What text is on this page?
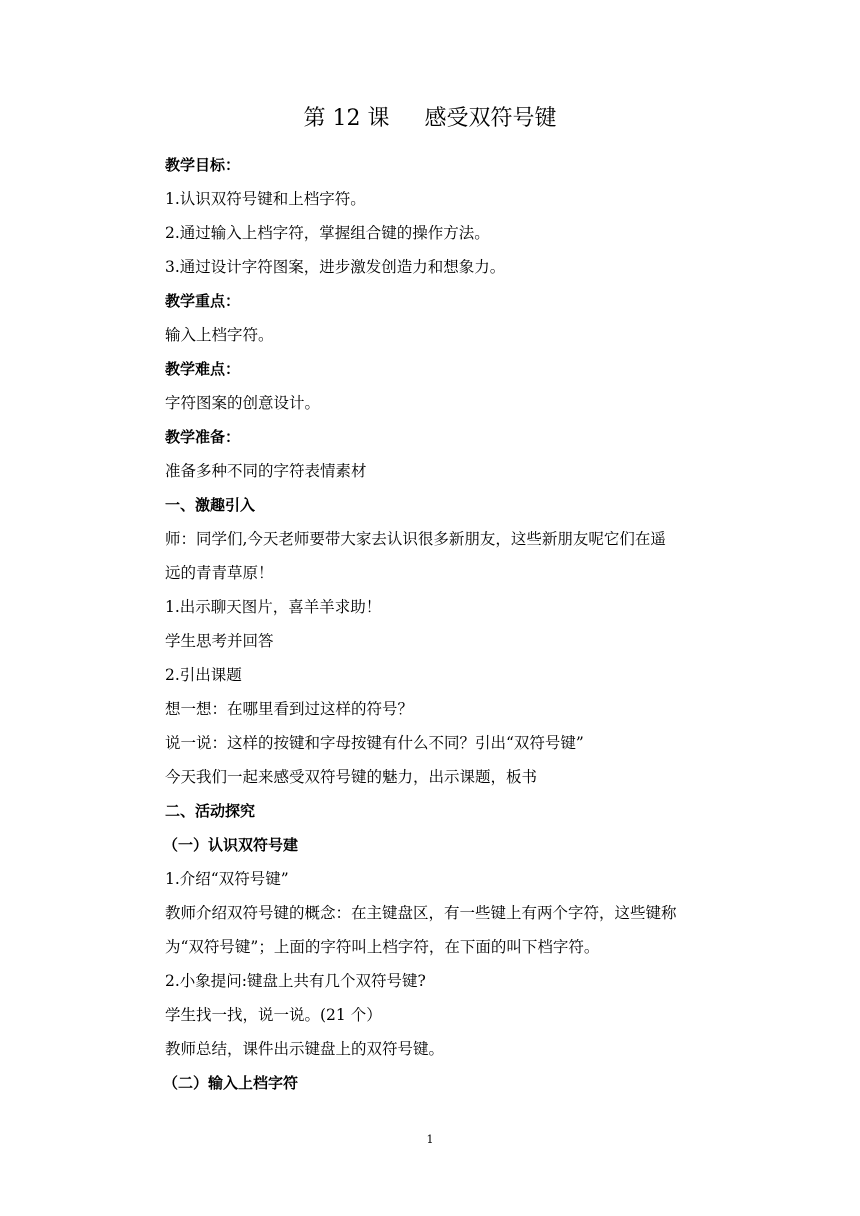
第 12 课     感受双符号键
教学目标：
1.认识双符号键和上档字符。
2.通过输入上档字符，掌握组合键的操作方法。
3.通过设计字符图案，进步激发创造力和想象力。
教学重点：
输入上档字符。
教学难点：
字符图案的创意设计。
教学准备：
准备多种不同的字符表情素材
一、激趣引入
师：同学们,今天老师要带大家去认识很多新朋友，这些新朋友呢它们在遥
远的青青草原！
1.出示聊天图片，喜羊羊求助！
学生思考并回答
2.引出课题
想一想：在哪里看到过这样的符号？
说一说：这样的按键和字母按键有什么不同？引出“双符号键”
今天我们一起来感受双符号键的魅力，出示课题，板书
二、活动探究
（一）认识双符号建
1.介绍“双符号键”
教师介绍双符号键的概念：在主键盘区，有一些键上有两个字符，这些键称
为“双符号键”；上面的字符叫上档字符，在下面的叫下档字符。
2.小象提问:键盘上共有几个双符号键?
学生找一找，说一说。(21 个）
教师总结，课件出示键盘上的双符号键。
（二）输入上档字符
1
